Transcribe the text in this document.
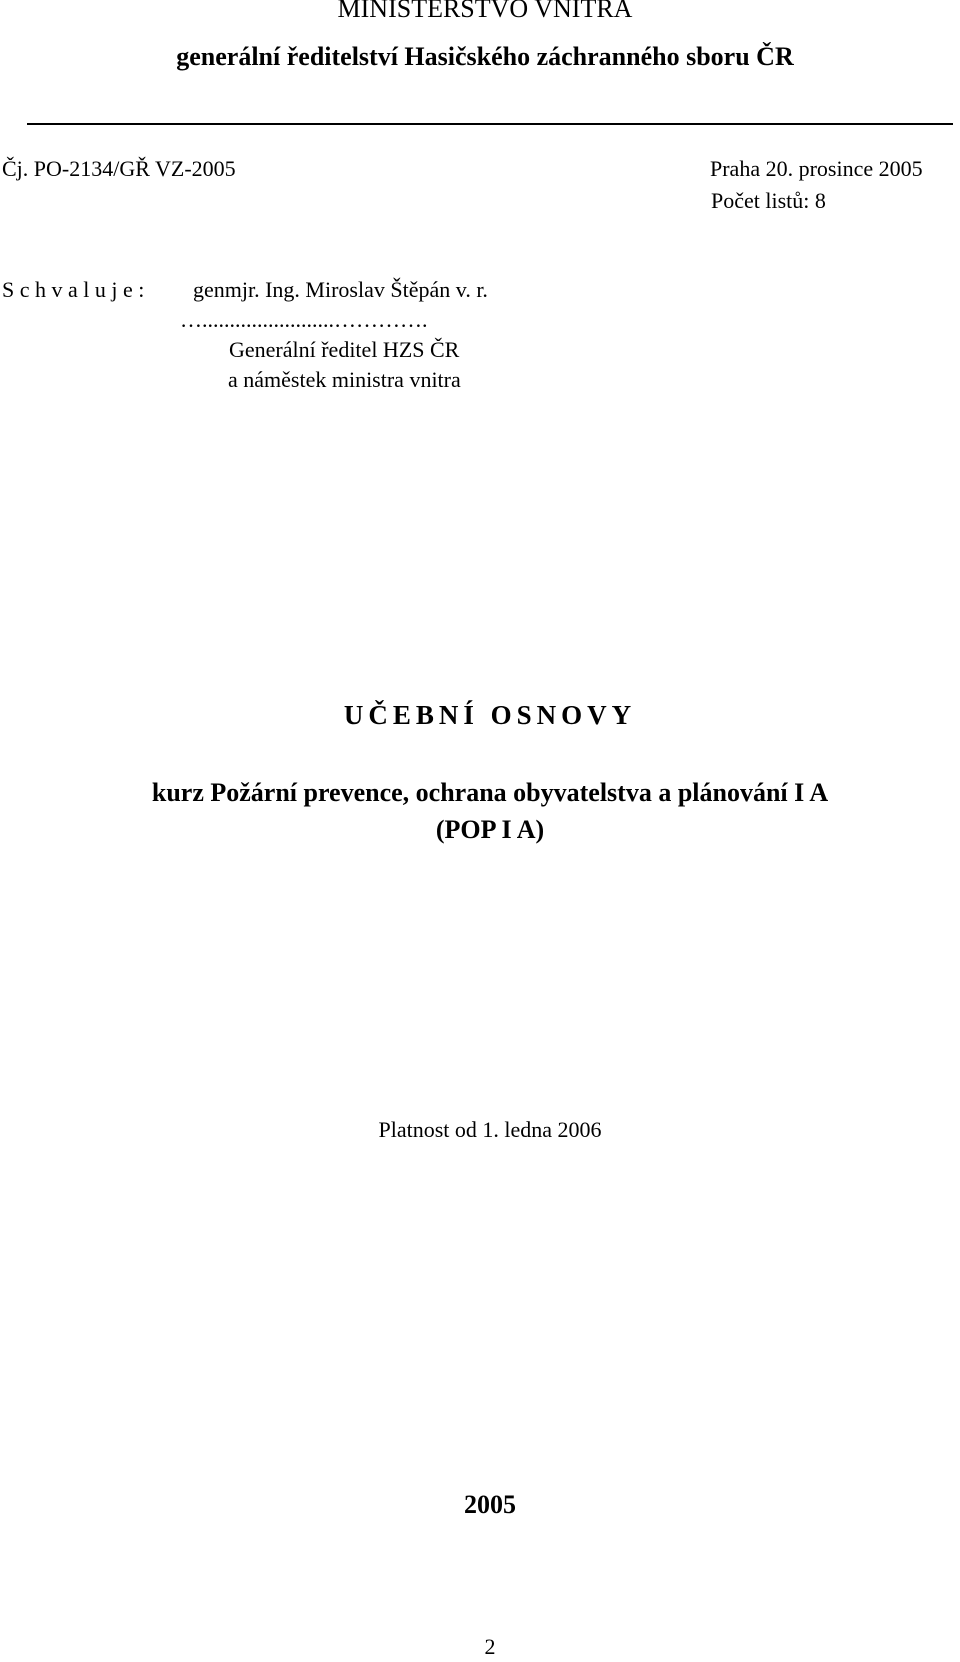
MINISTERSTVO VNITRA
generální ředitelství Hasičského záchranného sboru ČR
Čj. PO-2134/GŘ VZ-2005	Praha 20. prosince 2005
Počet listů: 8
S c h v a l u j e : genmjr. Ing. Miroslav Štěpán v. r.
…........................………….
Generální ředitel HZS ČR
a náměstek ministra vnitra
UČEBNÍ OSNOVY
kurz Požární prevence, ochrana obyvatelstva a plánování I A
(POP I A)
Platnost od 1. ledna 2006
2005
2
